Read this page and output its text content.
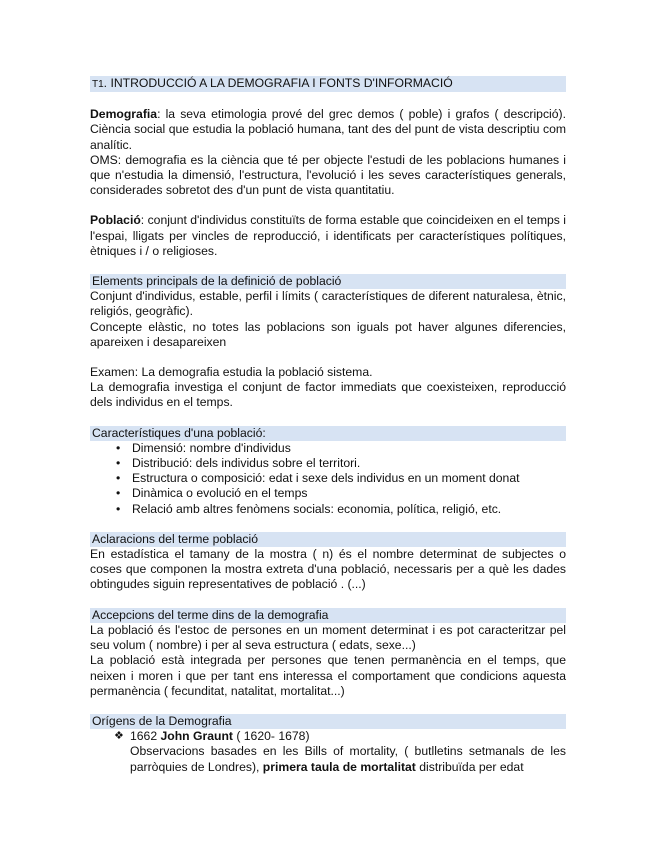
T1. INTRODUCCIÓ A LA DEMOGRAFIA I FONTS D'INFORMACIÓ

Demografia: la seva etimologia prové del grec demos ( poble) i grafos ( descripció). Ciència social que estudia la població humana, tant des del punt de vista descriptiu com analític.

OMS: demografia es la ciència que té per objecte l'estudi de les poblacions humanes i que n'estudia la dimensió, l'estructura, l'evolució i les seves característiques generals, considerades sobretot des d'un punt de vista quantitatiu.

Població: conjunt d'individus constituïts de forma estable que coincideixen en el temps i l'espai, lligats per vincles de reproducció, i identificats per característiques polítiques, ètniques i / o religioses.

Elements principals de la definició de població

Conjunt d'individus, estable, perfil i límits ( característiques de diferent naturalesa, ètnic, religiós, geogràfic).

Concepte elàstic, no totes las poblacions son iguals pot haver algunes diferencies, apareixen i desapareixen

Examen: La demografia estudia la població sistema.

La demografia investiga el conjunt de factor immediats que coexisteixen, reproducció dels individus en el temps.

Característiques d'una població:
• Dimensió: nombre d'individus
• Distribució: dels individus sobre el territori.
• Estructura o composició: edat i sexe dels individus en un moment donat
• Dinàmica o evolució en el temps
• Relació amb altres fenòmens socials: economia, política, religió, etc.
Aclaracions del terme població

En estadística el tamany de la mostra ( n) és el nombre determinat de subjectes o coses que componen la mostra extreta d'una població, necessaris per a què les dades obtingudes siguin representatives de població . (...)

Accepcions del terme dins de la demografia

La població és l'estoc de persones en un moment determinat i es pot caracteritzar pel seu volum ( nombre) i per al seva estructura ( edats, sexe...)

La població està integrada per persones que tenen permanència en el temps, que neixen i moren i que per tant ens interessa el comportament que condicions aquesta permanència ( fecunditat, natalitat, mortalitat...)

Orígens de la Demografia
❖ 1662 John Graunt ( 1620- 1678)
Observacions basades en les Bills of mortality, ( butlletins setmanals de les parròquies de Londres), primera taula de mortalitat distribuïda per edat
